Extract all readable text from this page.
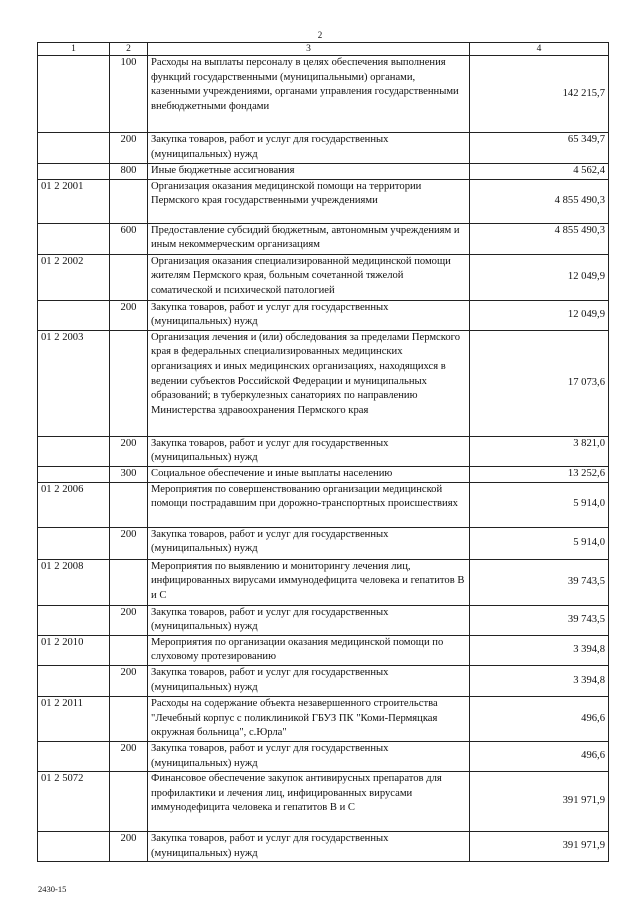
2
1	2	3	4
	100	Расходы на выплаты персоналу в целях обеспечения выполнения функций государственными (муниципальными) органами, казенными учреждениями, органами управления государственными внебюджетными фондами	142 215,7
	200	Закупка товаров, работ и услуг для государственных (муниципальных) нужд	65 349,7
	800	Иные бюджетные ассигнования	4 562,4
01 2 2001		Организация оказания медицинской помощи на территории Пермского края государственными учреждениями	4 855 490,3
	600	Предоставление субсидий бюджетным, автономным учреждениям и иным некоммерческим организациям	4 855 490,3
01 2 2002		Организация оказания специализированной медицинской помощи жителям Пермского края, больным сочетанной тяжелой соматической и психической патологией	12 049,9
	200	Закупка товаров, работ и услуг для государственных (муниципальных) нужд	12 049,9
01 2 2003		Организация лечения и (или) обследования за пределами Пермского края в федеральных специализированных медицинских организациях и иных медицинских организациях, находящихся в ведении субъектов Российской Федерации и муниципальных образований; в туберкулезных санаториях по направлению Министерства здравоохранения Пермского края	17 073,6
	200	Закупка товаров, работ и услуг для государственных (муниципальных) нужд	3 821,0
	300	Социальное обеспечение и иные выплаты населению	13 252,6
01 2 2006		Мероприятия по совершенствованию организации медицинской помощи пострадавшим при дорожно-транспортных происшествиях	5 914,0
	200	Закупка товаров, работ и услуг для государственных (муниципальных) нужд	5 914,0
01 2 2008		Мероприятия по выявлению и мониторингу лечения лиц, инфицированных вирусами иммунодефицита человека и гепатитов В и С	39 743,5
	200	Закупка товаров, работ и услуг для государственных (муниципальных) нужд	39 743,5
01 2 2010		Мероприятия по организации оказания медицинской помощи по слуховому протезированию	3 394,8
	200	Закупка товаров, работ и услуг для государственных (муниципальных) нужд	3 394,8
01 2 2011		Расходы на содержание объекта незавершенного строительства "Лечебный корпус с поликлиникой ГБУЗ ПК "Коми-Пермяцкая окружная больница", с.Юрла"	496,6
	200	Закупка товаров, работ и услуг для государственных (муниципальных) нужд	496,6
01 2 5072		Финансовое обеспечение закупок антивирусных препаратов для профилактики и лечения лиц, инфицированных вирусами иммунодефицита человека и гепатитов В и С	391 971,9
	200	Закупка товаров, работ и услуг для государственных (муниципальных) нужд	391 971,9
2430-15
